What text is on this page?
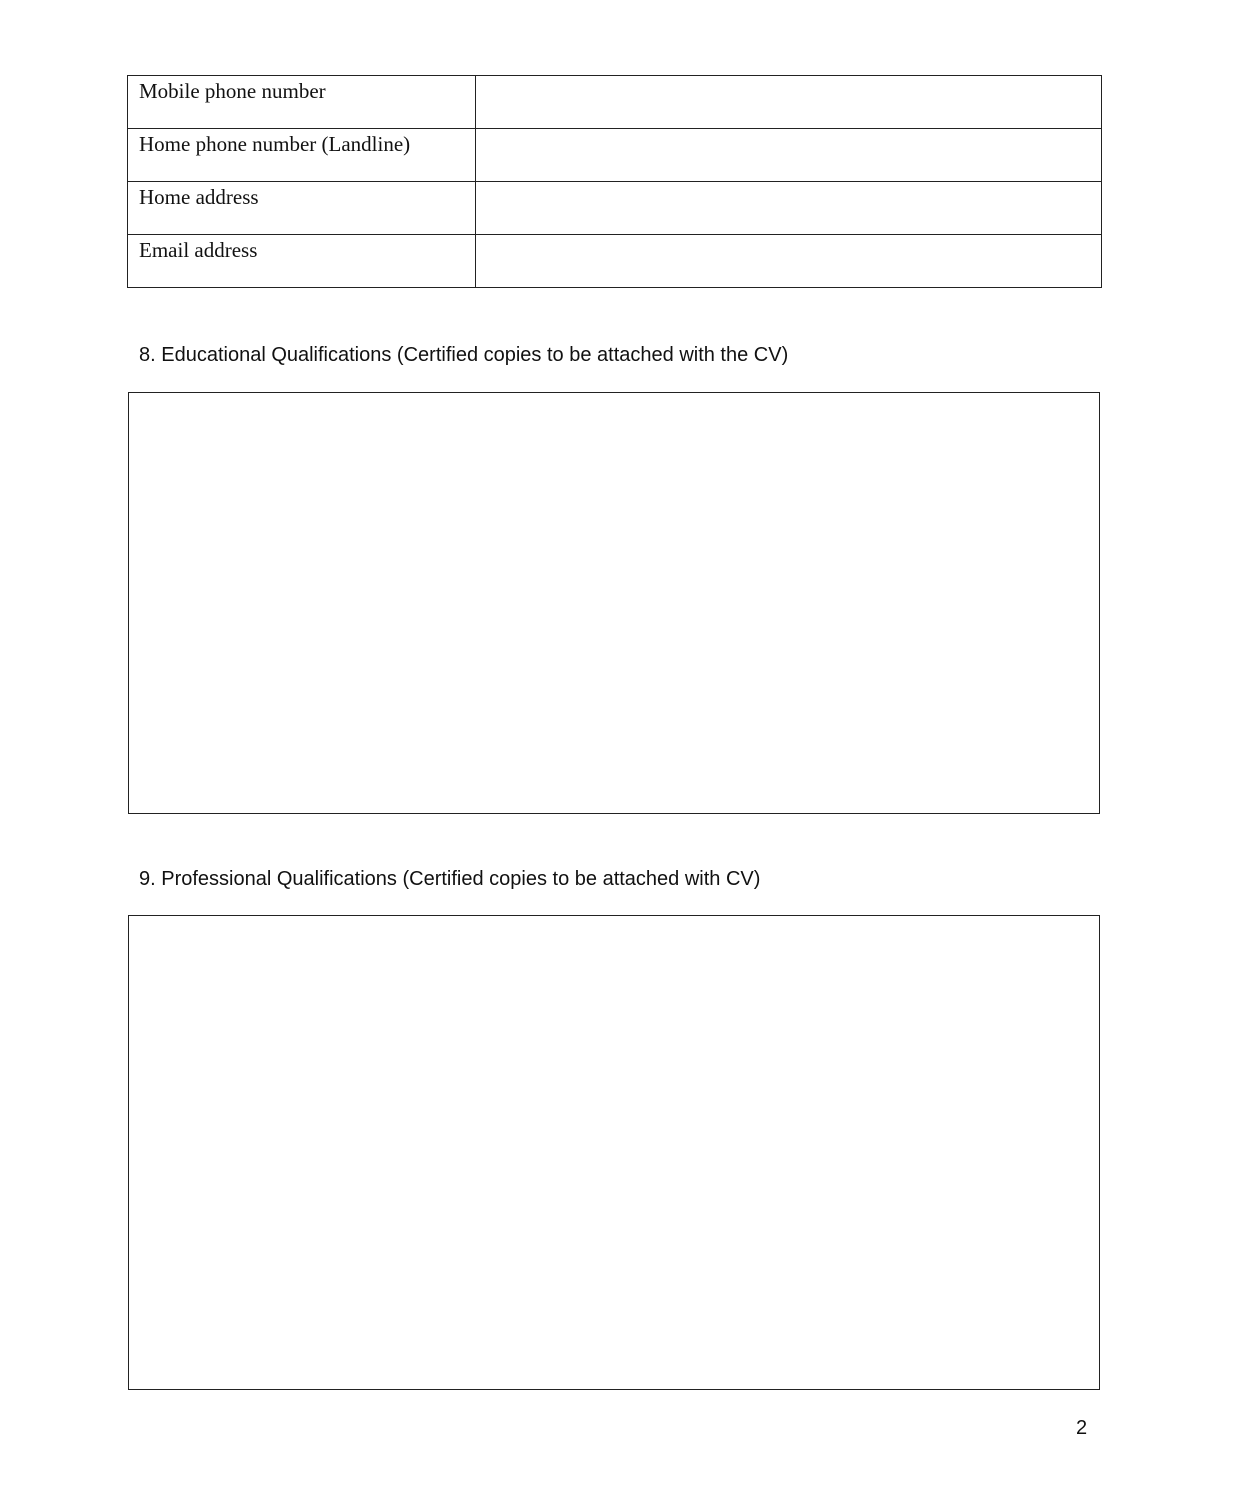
Mobile phone number	
Home phone number (Landline)	
Home address	
Email address	
8. Educational Qualifications (Certified copies to be attached with the CV)
9. Professional Qualifications (Certified copies to be attached with CV)
2
